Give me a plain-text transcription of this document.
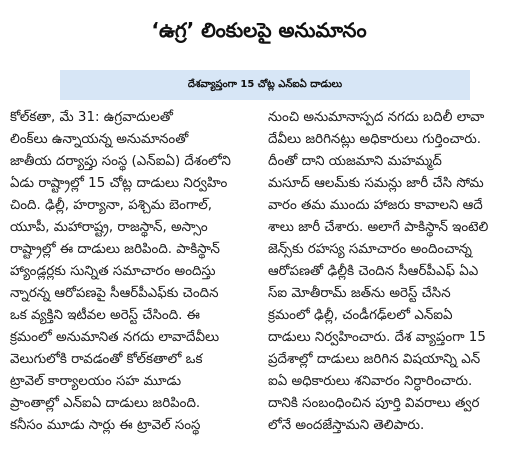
‘ఉగ్ర’ లింకులపై అనుమానం
దేశవ్యాప్తంగా 15 చోట్ల ఎన్‌ఐఏ దాడులు
కోల్‌కతా, మే 31: ఉగ్రవాదులతో
లింక్‌లు ఉన్నాయన్న అనుమానంతో
జాతీయ దర్యాప్తు సంస్థ (ఎన్‌ఐఏ) దేశంలోని
ఏడు రాష్ట్రాల్లో 15 చోట్ల దాడులు నిర్వహిం
చింది. ఢిల్లీ, హర్యానా, పశ్చిమ బెంగాల్,
యూపీ, మహారాష్ట్ర, రాజస్థాన్, అస్సాం
రాష్ట్రాల్లో ఈ దాడులు జరిపింది. పాకిస్థాన్
హ్యాండ్లర్లకు సున్నిత సమాచారం అందిస్తు
న్నారన్న ఆరోపణపై సీఆర్‌పీఎఫ్‌కు చెందిన
ఒక వ్యక్తిని ఇటీవల అరెస్ట్ చేసింది. ఈ
క్రమంలో అనుమానిత నగదు లావాదేవీలు
వెలుగులోకి రావడంతో కోల్‌కతాలో ఒక
ట్రావెల్ కార్యాలయం సహ మూడు
ప్రాంతాల్లో ఎన్‌ఐఏ దాడులు జరిపింది.
కనీసం మూడు సార్లు ఈ ట్రావెల్ సంస్థ
నుంచి అనుమానాస్పద నగదు బదిలీ లావా
దేవీలు జరిగినట్లు అధికారులు గుర్తించారు.
దీంతో దాని యజమాని మహమ్మద్
మసూద్ ఆలమ్‌కు సమన్లు జారీ చేసి సోమ
వారం తమ ముందు హాజరు కావాలని ఆదే
శాలు జారీ చేశారు. అలాగే పాకిస్థాన్ ఇంటెలి
జెన్స్‌కు రహస్య సమాచారం అందించాన్న
ఆరోపణతో ఢిల్లీకి చెందిన సీఆర్‌పీఎఫ్ ఏఎ
స్‌ఐ మోతీరామ్ జత్‌ను అరెస్ట్ చేసిన
క్రమంలో ఢిల్లీ, చండీగఢ్‌లలో ఎన్‌ఐఏ
దాడులు నిర్వహించారు. దేశ వ్యాప్తంగా 15
ప్రదేశాల్లో దాడులు జరిగిన విషయాన్ని ఎన్
ఐఏ అధికారులు శనివారం నిర్ధారించారు.
దానికి సంబంధించిన పూర్తి వివరాలు త్వర
లోనే అందజేస్తామని తెలిపారు.
